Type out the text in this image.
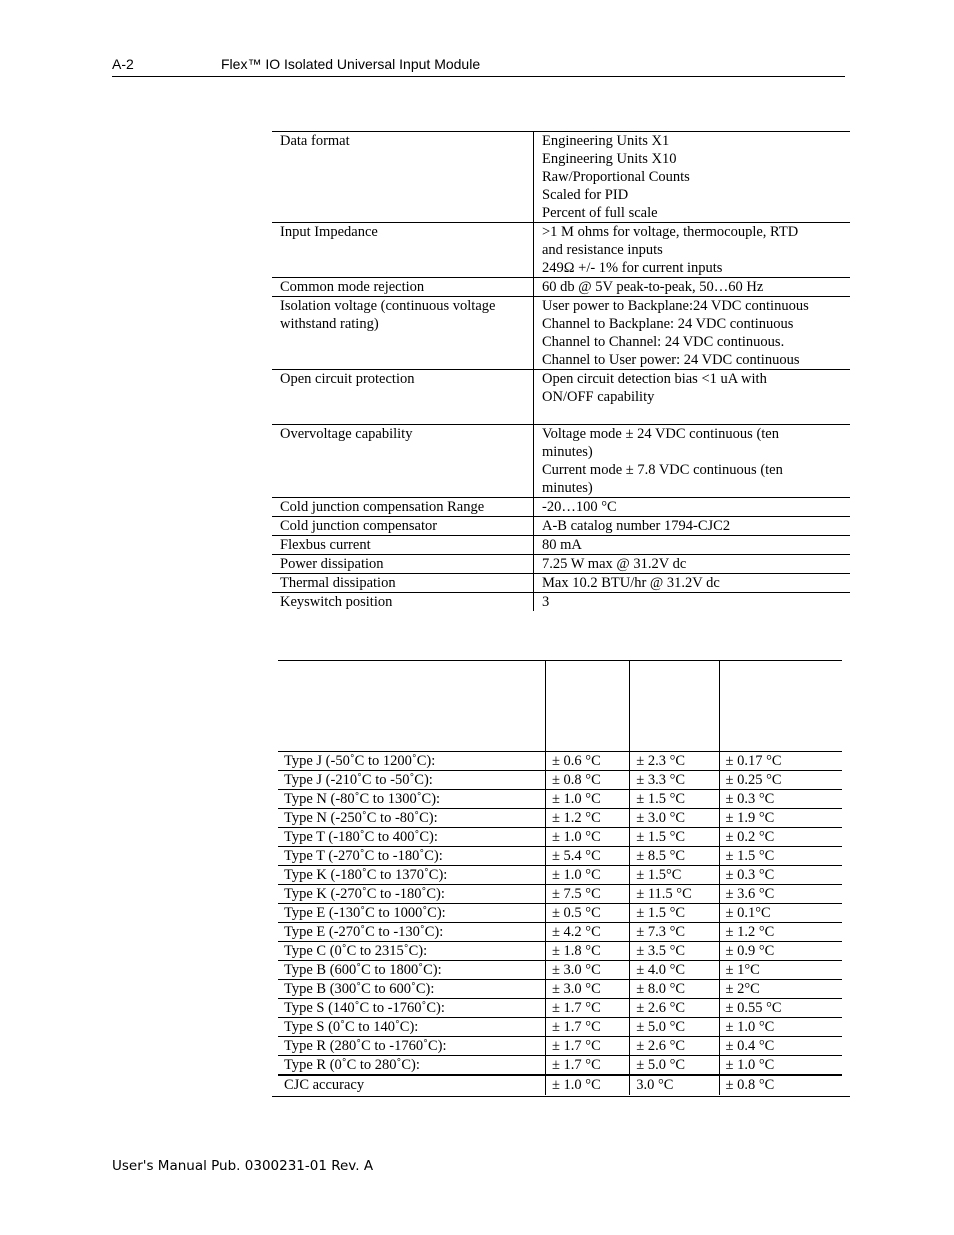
A-2	Flex™ IO Isolated Universal Input Module
Data format	Engineering Units X1
Engineering Units X10
Raw/Proportional Counts
Scaled for PID
Percent of full scale

Input Impedance	>1 M ohms for voltage, thermocouple, RTD
and resistance inputs
249Ω +/- 1% for current inputs

Common mode rejection	60 db @ 5V peak-to-peak, 50…60 Hz

Isolation voltage (continuous voltage
withstand rating)	User power to Backplane:24 VDC continuous
Channel to Backplane: 24 VDC continuous
Channel to Channel: 24 VDC continuous.
Channel to User power: 24 VDC continuous

Open circuit protection	Open circuit detection bias <1 uA with
ON/OFF capability

Overvoltage capability	Voltage mode ± 24 VDC continuous (ten
minutes)
Current mode ± 7.8 VDC continuous (ten
minutes)

Cold junction compensation Range	-20…100 °C

Cold junction compensator	A-B catalog number 1794-CJC2

Flexbus current	80 mA

Power dissipation	7.25 W max @ 31.2V dc

Thermal dissipation	Max 10.2 BTU/hr @ 31.2V dc

Keyswitch position	3

Type J (-50˚C to 1200˚C):	± 0.6 °C	± 2.3 °C	± 0.17 °C
Type J (-210˚C to -50˚C):	± 0.8 °C	± 3.3 °C	± 0.25 °C
Type N (-80˚C to 1300˚C):	± 1.0 °C	± 1.5 °C	± 0.3 °C
Type N (-250˚C to -80˚C):	± 1.2 °C	± 3.0 °C	± 1.9 °C
Type T (-180˚C to 400˚C):	± 1.0 °C	± 1.5 °C	± 0.2 °C
Type T (-270˚C to -180˚C):	± 5.4 °C	± 8.5 °C	± 1.5 °C
Type K (-180˚C to 1370˚C):	± 1.0 °C	± 1.5°C	± 0.3 °C
Type K (-270˚C to -180˚C):	± 7.5 °C	± 11.5 °C	± 3.6 °C
Type E (-130˚C to 1000˚C):	± 0.5 °C	± 1.5 °C	± 0.1°C
Type E (-270˚C to -130˚C):	± 4.2 °C	± 7.3 °C	± 1.2 °C
Type C (0˚C to 2315˚C):	± 1.8 °C	± 3.5 °C	± 0.9 °C
Type B (600˚C to 1800˚C):	± 3.0 °C	± 4.0 °C	± 1°C
Type B (300˚C to 600˚C):	± 3.0 °C	± 8.0 °C	± 2°C
Type S (140˚C to -1760˚C):	± 1.7 °C	± 2.6 °C	± 0.55 °C
Type S (0˚C to 140˚C):	± 1.7 °C	± 5.0 °C	± 1.0 °C
Type R (280˚C to -1760˚C):	± 1.7 °C	± 2.6 °C	± 0.4 °C
Type R (0˚C to 280˚C):	± 1.7 °C	± 5.0 °C	± 1.0 °C
CJC accuracy	± 1.0 °C	3.0 °C	± 0.8 °C
User's Manual Pub. 0300231-01 Rev. A
